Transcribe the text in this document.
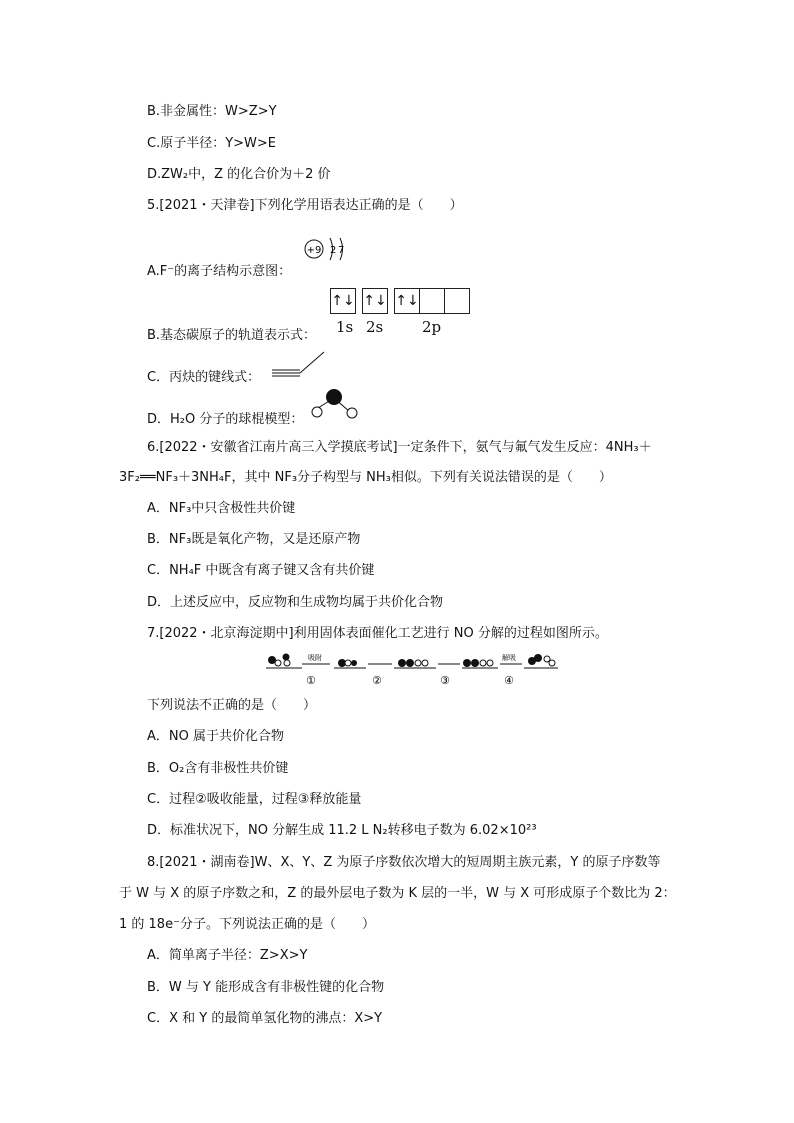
B.非金属性：W>Z>Y
C.原子半径：Y>W>E
D.ZW₂中，Z 的化合价为＋2 价
5.[2021・天津卷]下列化学用语表达正确的是（　　）
+9 2 7
A.F⁻的离子结构示意图：
↑↓ ↑↓ ↑↓
1s 2s	2p
B.基态碳原子的轨道表示式：
C．丙炔的键线式：
D．H₂O 分子的球棍模型：
6.[2022・安徽省江南片高三入学摸底考试]一定条件下，氨气与氟气发生反应：4NH₃＋
3F₂══NF₃＋3NH₄F，其中 NF₃分子构型与 NH₃相似。下列有关说法错误的是（　　）
A．NF₃中只含极性共价键
B．NF₃既是氧化产物，又是还原产物
C．NH₄F 中既含有离子键又含有共价键
D．上述反应中，反应物和生成物均属于共价化合物
7.[2022・北京海淀期中]利用固体表面催化工艺进行 NO 分解的过程如图所示。
吸附	解吸
①	②	③	④
下列说法不正确的是（　　）
A．NO 属于共价化合物
B．O₂含有非极性共价键
C．过程②吸收能量，过程③释放能量
D．标准状况下，NO 分解生成 11.2 L N₂转移电子数为 6.02×10²³
8.[2021・湖南卷]W、X、Y、Z 为原子序数依次增大的短周期主族元素，Y 的原子序数等
于 W 与 X 的原子序数之和，Z 的最外层电子数为 K 层的一半，W 与 X 可形成原子个数比为 2：
1 的 18e⁻分子。下列说法正确的是（　　）
A．简单离子半径：Z>X>Y
B．W 与 Y 能形成含有非极性键的化合物
C．X 和 Y 的最简单氢化物的沸点：X>Y
